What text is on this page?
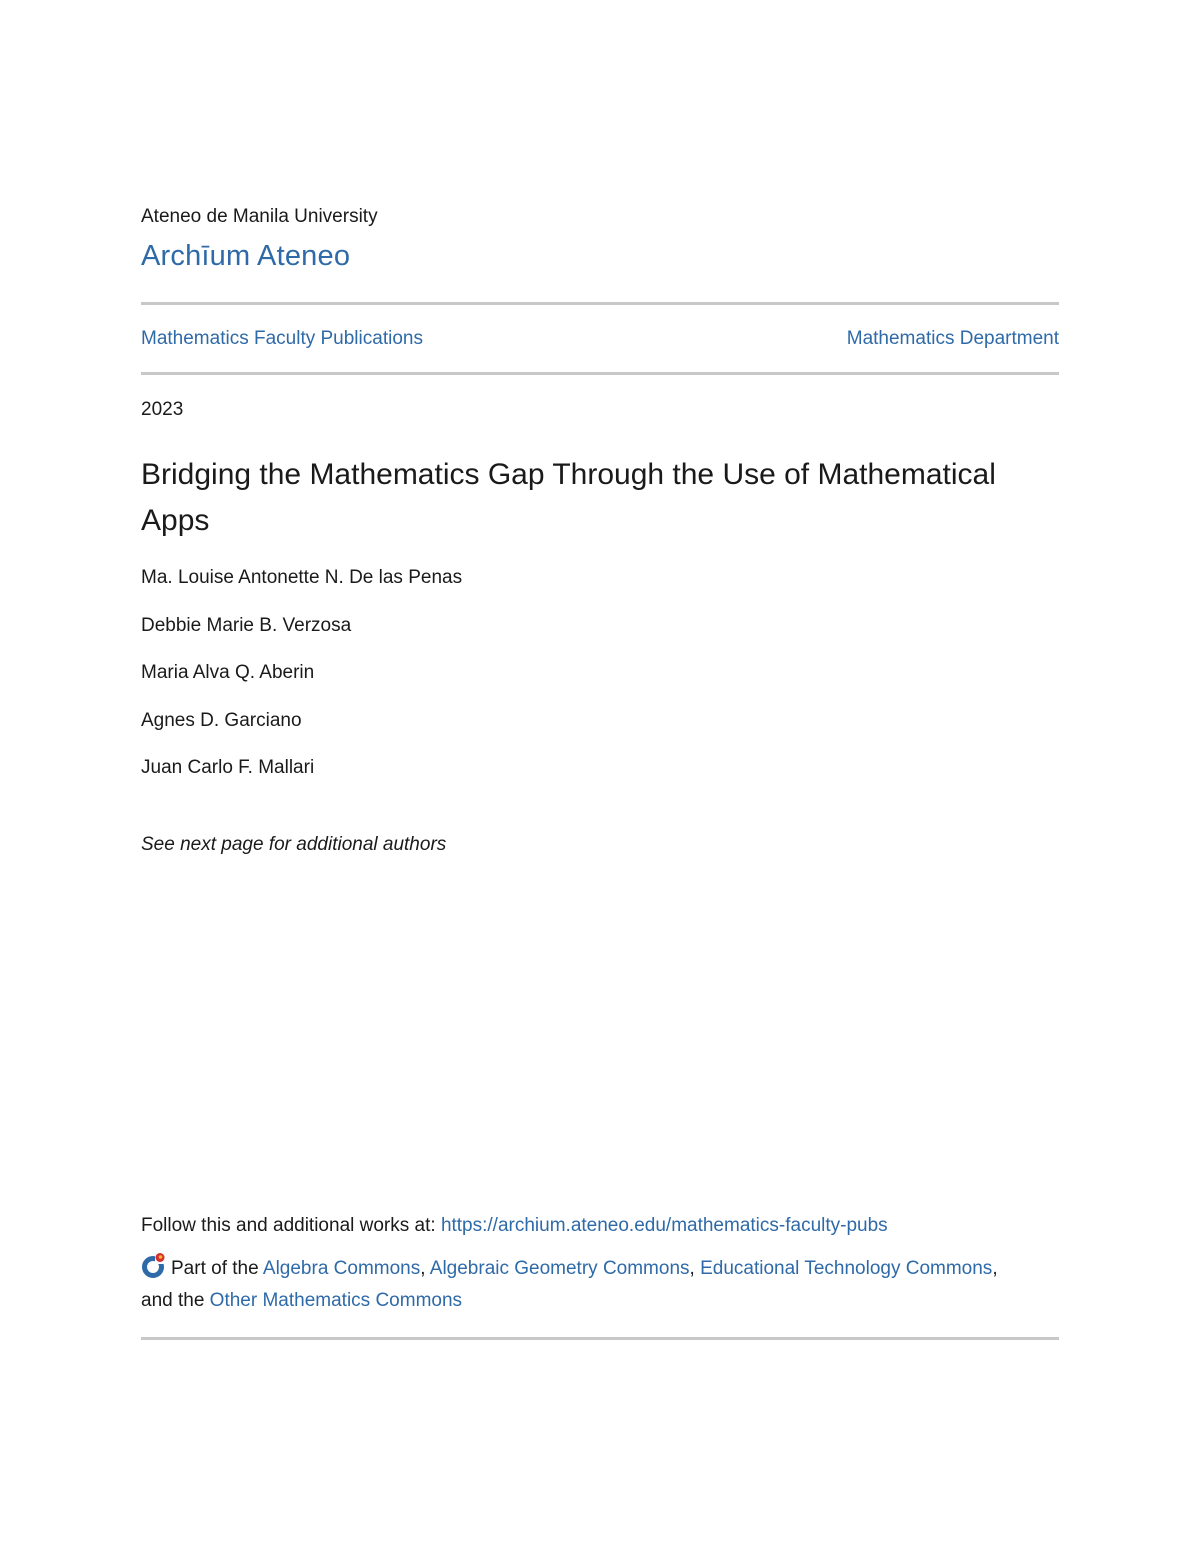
Ateneo de Manila University
Archīum Ateneo
Mathematics Faculty Publications	Mathematics Department
2023
Bridging the Mathematics Gap Through the Use of Mathematical Apps
Ma. Louise Antonette N. De las Penas
Debbie Marie B. Verzosa
Maria Alva Q. Aberin
Agnes D. Garciano
Juan Carlo F. Mallari
See next page for additional authors
Follow this and additional works at: https://archium.ateneo.edu/mathematics-faculty-pubs
Part of the Algebra Commons, Algebraic Geometry Commons, Educational Technology Commons,
and the Other Mathematics Commons
